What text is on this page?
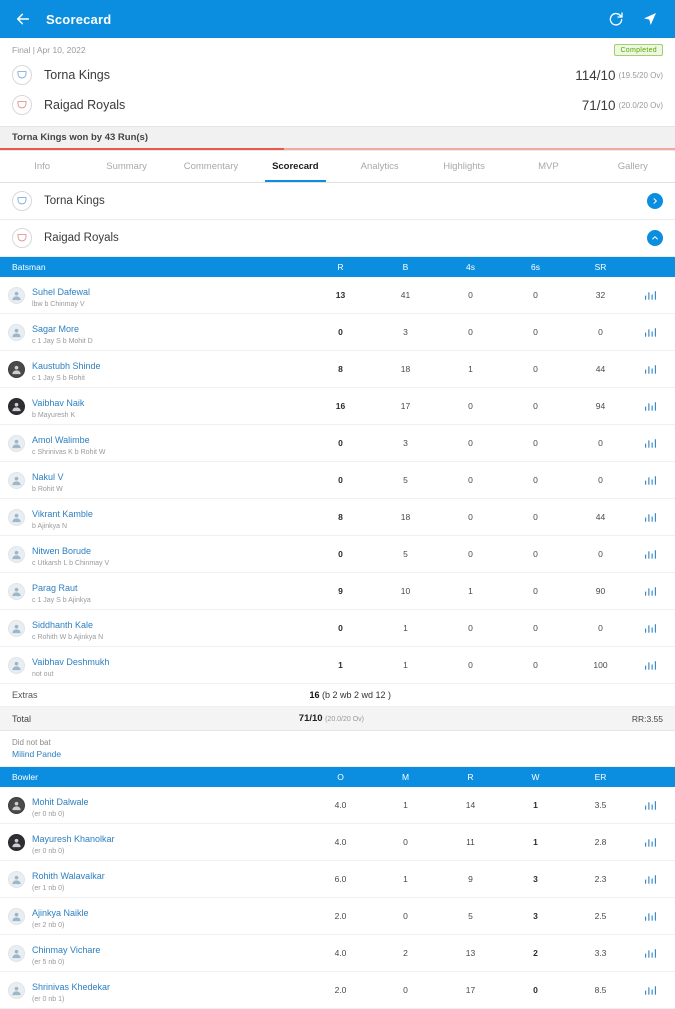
Scorecard
Final | Apr 10, 2022	Completed
Torna Kings	114/10 (19.5/20 Ov)
Raigad Royals	71/10 (20.0/20 Ov)
Torna Kings won by 43 Run(s)
Info	Summary	Commentary	Scorecard	Analytics	Highlights	MVP	Gallery
Torna Kings
Raigad Royals
Batsman	R	B	4s	6s	SR
Suhel Dafewal
lbw b Chinmay V
13	41	0	0	32
Sagar More
c 1 Jay S b Mohit D
0	3	0	0	0
Kaustubh Shinde
c 1 Jay S b Rohit
8	18	1	0	44
Vaibhav Naik
b Mayuresh K
16	17	0	0	94
Amol Walimbe
c Shrinivas K b Rohit W
0	3	0	0	0
Nakul V
b Rohit W
0	5	0	0	0
Vikrant Kamble
b Ajinkya N
8	18	0	0	44
Nitwen Borude
c Utkarsh L b Chinmay V
0	5	0	0	0
Parag Raut
c 1 Jay S b Ajinkya
9	10	1	0	90
Siddhanth Kale
c Rohith W b Ajinkya N
0	1	0	0	0
Vaibhav Deshmukh
not out
1	1	0	0	100
Extras	16 (b 2 wb 2 wd 12 )
Total	71/10 (20.0/20 Ov)	RR:3.55
Did not bat
Milind Pande
Bowler	O	M	R	W	ER
Mohit Dalwale
(er 0 nb 0)
4.0	1	14	1	3.5
Mayuresh Khanolkar
(er 0 nb 0)
4.0	0	11	1	2.8
Rohith Walavalkar
(er 1 nb 0)
6.0	1	9	3	2.3
Ajinkya Naikle
(er 2 nb 0)
2.0	0	5	3	2.5
Chinmay Vichare
(er 5 nb 0)
4.0	2	13	2	3.3
Shrinivas Khedekar
(er 0 nb 1)
2.0	0	17	0	8.5
